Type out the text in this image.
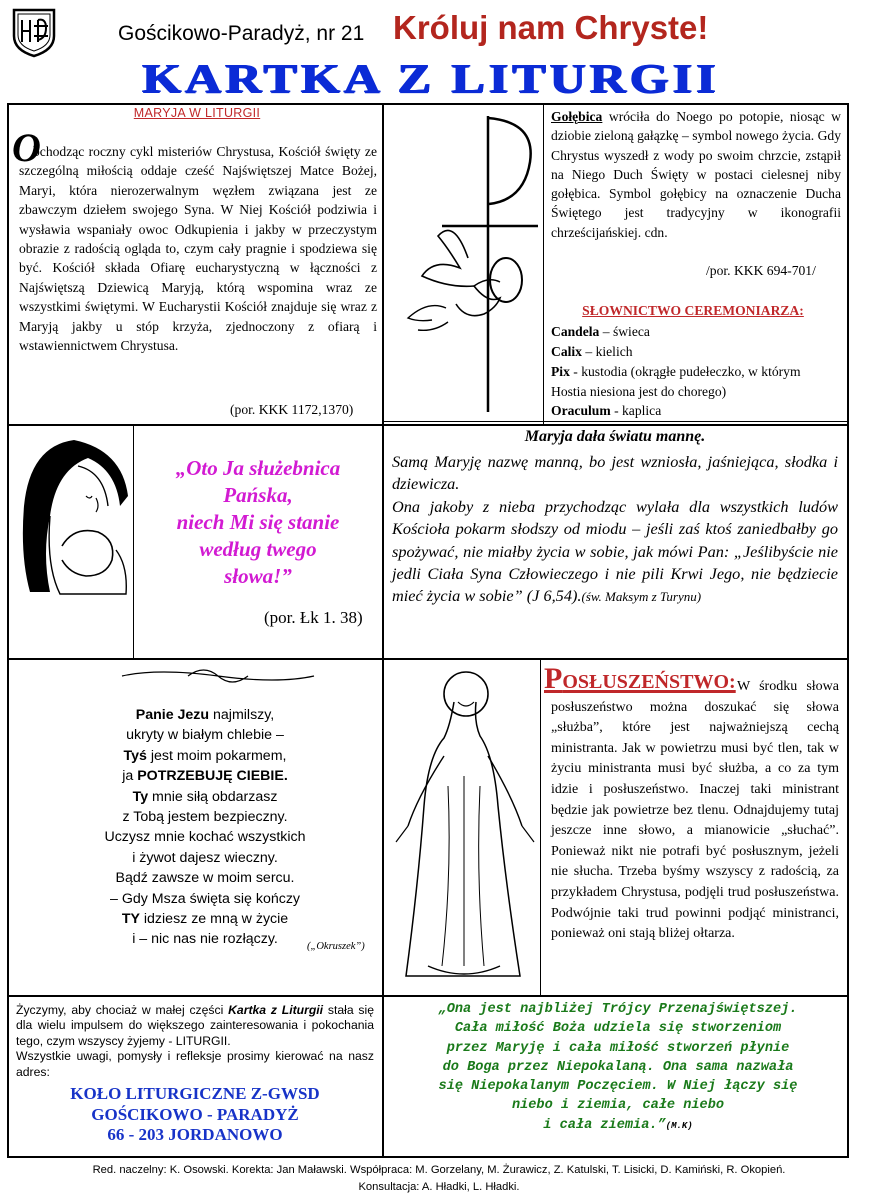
Gościkowo-Paradyż, nr 21 Króluj nam Chryste!
KARTKA Z LITURGII
MARYJA W LITURGII
O
bchodząc roczny cykl misteriów Chrystusa, Kościół święty ze szczególną miłością oddaje cześć Najświętszej Matce Bożej, Maryi, która nierozerwalnym węzłem związana jest ze zbawczym dziełem swojego Syna. W Niej Kościół podziwia i wysławia wspaniały owoc Odkupienia i jakby w przeczystym obrazie z radością ogląda to, czym cały pragnie i spodziewa się być. Kościół składa Ofiarę eucharystyczną w łączności z Najświętszą Dziewicą Maryją, którą wspomina wraz ze wszystkimi świętymi. W Eucharystii Kościół znajduje się wraz z Maryją jakby u stóp krzyża, zjednoczony z ofiarą i wstawiennictwem Chrystusa.
(por. KKK 1172,1370)
Gołębica wróciła do Noego po potopie, niosąc w dziobie zieloną gałązkę – symbol nowego życia. Gdy Chrystus wyszedł z wody po swoim chrzcie, zstąpił na Niego Duch Święty w postaci cielesnej niby gołębica. Symbol gołębicy na oznaczenie Ducha Świętego jest tradycyjny w ikonografii chrześcijańskiej. cdn.
/por. KKK 694-701/
SŁOWNICTWO CEREMONIARZA:
Candela – świeca
Calix – kielich
Pix - kustodia (okrągłe pudełeczko, w którym Hostia niesiona jest do chorego)
Oraculum - kaplica
„Oto Ja służebnica
Pańska,
niech Mi się stanie
według twego
słowa!”
(por. Łk 1. 38)
Maryja dała światu mannę.
Samą Maryję nazwę manną, bo jest wzniosła, jaśniejąca, słodka i dziewicza.
Ona jakoby z nieba przychodząc wylała dla wszystkich ludów Kościoła pokarm słodszy od miodu – jeśli zaś ktoś zaniedbałby go spożywać, nie miałby życia w sobie, jak mówi Pan: „Jeślibyście nie jedli Ciała Syna Człowieczego i nie pili Krwi Jego, nie będziecie mieć życia w sobie” (J 6,54).(św. Maksym z Turynu)
Panie Jezu najmilszy,
ukryty w białym chlebie –
Tyś jest moim pokarmem,
ja POTRZEBUJĘ CIEBIE.
Ty mnie siłą obdarzasz
z Tobą jestem bezpieczny.
Uczysz mnie kochać wszystkich
i żywot dajesz wieczny.
Bądź zawsze w moim sercu.
– Gdy Msza święta się kończy
TY idziesz ze mną w życie
i – nic nas nie rozłączy.	(„Okruszek”)
POSŁUSZEŃSTWO: W środku słowa posłuszeństwo można doszukać się słowa „służba”, które jest najważniejszą cechą ministranta. Jak w powietrzu musi być tlen, tak w życiu ministranta musi być służba, a co za tym idzie i posłuszeństwo. Inaczej taki ministrant będzie jak powietrze bez tlenu. Odnajdujemy tutaj jeszcze inne słowo, a mianowicie „słuchać”. Ponieważ nikt nie potrafi być posłusznym, jeżeli nie słucha. Trzeba byśmy wszyscy z radością, za przykładem Chrystusa, podjęli trud posłuszeństwa. Podwójnie taki trud powinni podjąć ministranci, ponieważ oni stają bliżej ołtarza.
Życzymy, aby chociaż w małej części Kartka z Liturgii stała się dla wielu impulsem do większego zainteresowania i pokochania tego, czym wszyscy żyjemy - LITURGII.
Wszystkie uwagi, pomysły i refleksje prosimy kierować na nasz adres:
KOŁO LITURGICZNE Z-GWSD
GOŚCIKOWO - PARADYŻ
66 - 203 JORDANOWO
„Ona jest najbliżej Trójcy Przenajświętszej.
Cała miłość Boża udziela się stworzeniom
przez Maryję i cała miłość stworzeń płynie
do Boga przez Niepokalaną. Ona sama nazwała
się Niepokalanym Poczęciem. W Niej łączy się
niebo i ziemia, całe niebo
i cała ziemia.”(M.K)
Red. naczelny: K. Osowski. Korekta: Jan Maławski. Współpraca: M. Gorzelany, M. Żurawicz, Z. Katulski, T. Lisicki, D. Kamiński, R. Okopień.
Konsultacja: A. Hładki, L. Hładki.
